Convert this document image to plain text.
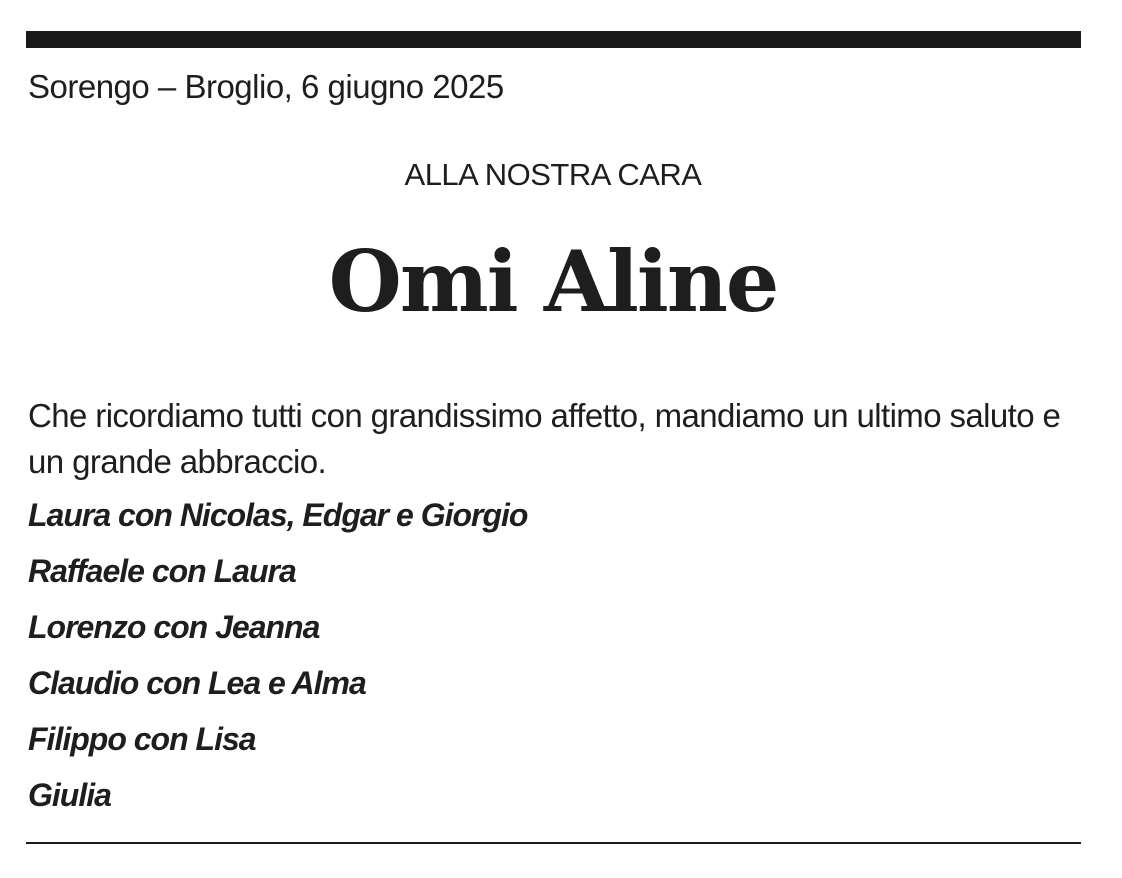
Sorengo – Broglio, 6 giugno 2025
ALLA NOSTRA CARA
Omi Aline
Che ricordiamo tutti con grandissimo affetto, mandiamo un ultimo saluto e un grande abbraccio.
Laura con Nicolas, Edgar e Giorgio
Raffaele con Laura
Lorenzo con Jeanna
Claudio con Lea e Alma
Filippo con Lisa
Giulia
